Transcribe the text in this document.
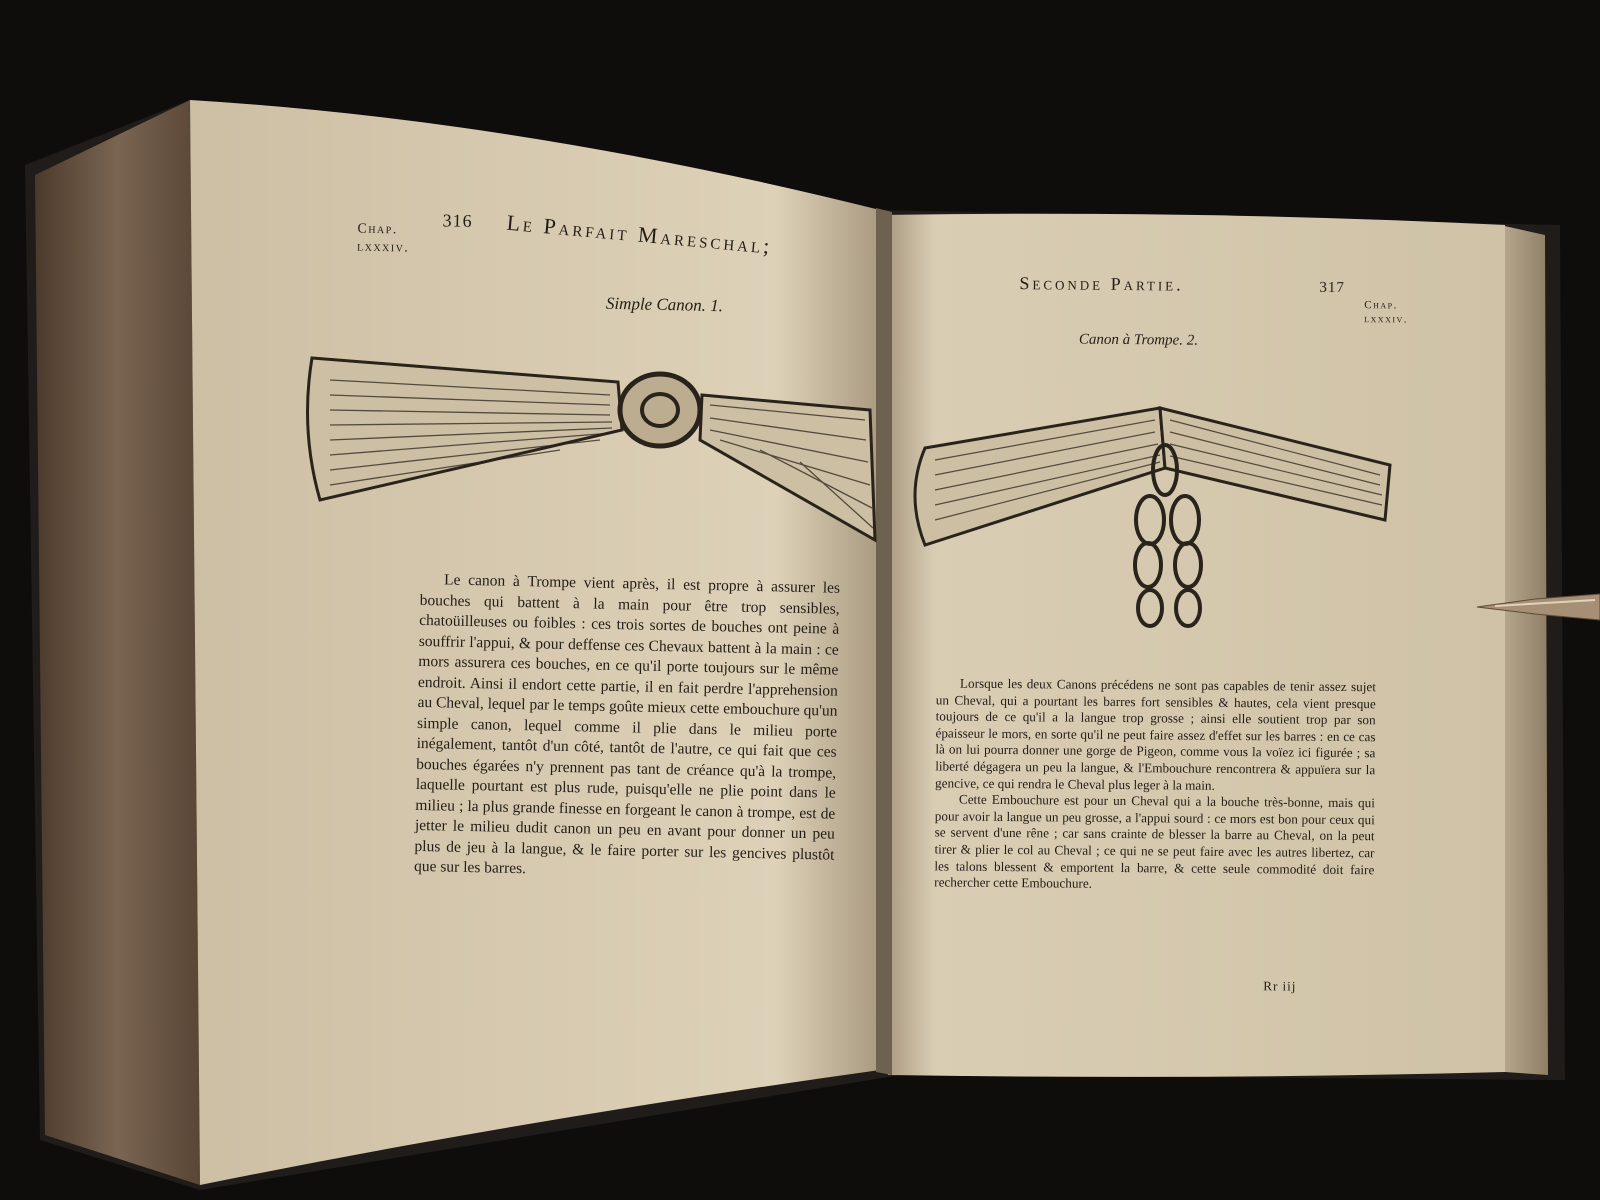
Chap.
lxxxiv.
316 Le Parfait Mareschal;
Simple Canon. 1.

Le canon à Trompe vient après, il est propre à assurer les bouches qui battent à la main pour être trop sensibles, chatoüilleuses ou foibles : ces trois sortes de bouches ont peine à souffrir l'appui, & pour deffense ces Chevaux battent à la main : ce mors assurera ces bouches, en ce qu'il porte toujours sur le même endroit. Ainsi il endort cette partie, il en fait perdre l'apprehension au Cheval, lequel par le temps goûte mieux cette embouchure qu'un simple canon, lequel comme il plie dans le milieu porte inégalement, tantôt d'un côté, tantôt de l'autre, ce qui fait que ces bouches égarées n'y prennent pas tant de créance qu'à la trompe, laquelle pourtant est plus rude, puisqu'elle ne plie point dans le milieu ; la plus grande finesse en forgeant le canon à trompe, est de jetter le milieu dudit canon un peu en avant pour donner un peu plus de jeu à la langue, & le faire porter sur les gencives plustôt que sur les barres.

Seconde Partie.	317
Chap.
lxxxiv.
Canon à Trompe. 2.

Lorsque les deux Canons précédens ne sont pas capables de tenir assez sujet un Cheval, qui a pourtant les barres fort sensibles & hautes, cela vient presque toujours de ce qu'il a la langue trop grosse ; ainsi elle soutient trop par son épaisseur le mors, en sorte qu'il ne peut faire assez d'effet sur les barres : en ce cas là on lui pourra donner une gorge de Pigeon, comme vous la voïez ici figurée ; sa liberté dégagera un peu la langue, & l'Embouchure rencontrera & appuïera sur la gencive, ce qui rendra le Cheval plus leger à la main.

Cette Embouchure est pour un Cheval qui a la bouche très-bonne, mais qui pour avoir la langue un peu grosse, a l'appui sourd : ce mors est bon pour ceux qui se servent d'une rêne ; car sans crainte de blesser la barre au Cheval, on la peut tirer & plier le col au Cheval ; ce qui ne se peut faire avec les autres libertez, car les talons blessent & emportent la barre, & cette seule commodité doit faire rechercher cette Embouchure.

Rr iij
